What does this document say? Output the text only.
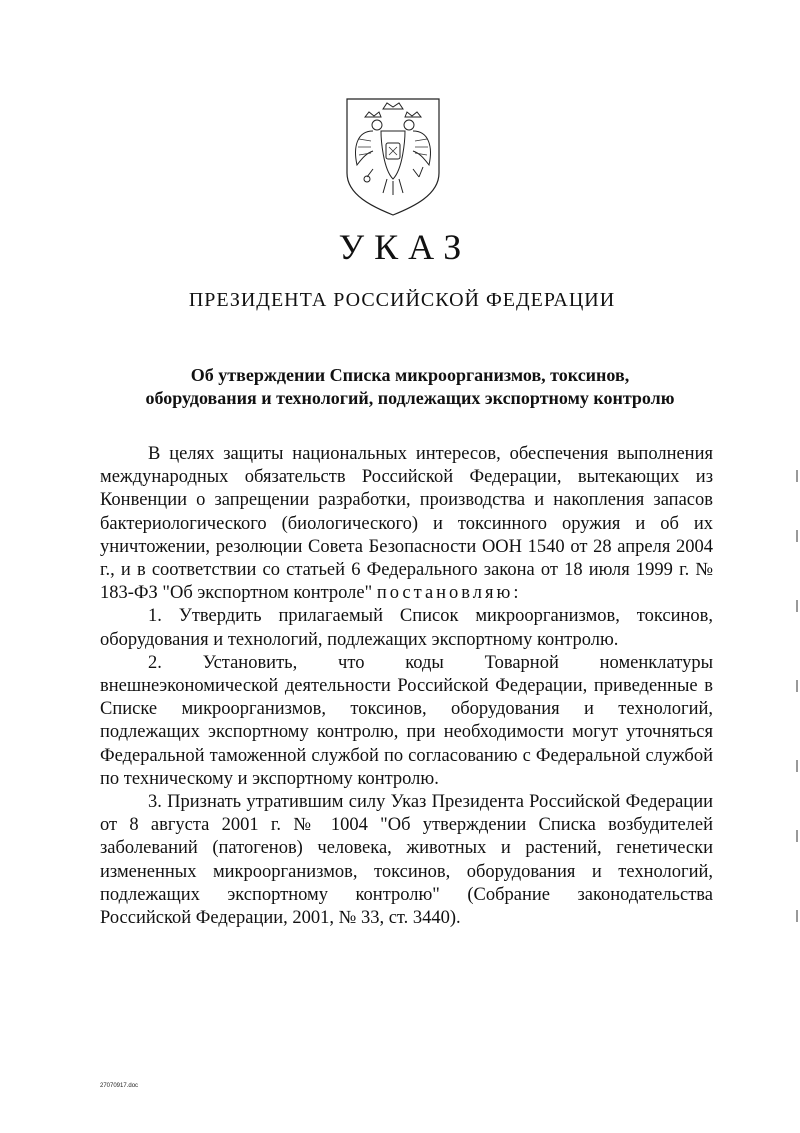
УКАЗ
ПРЕЗИДЕНТА РОССИЙСКОЙ ФЕДЕРАЦИИ
Об утверждении Списка микроорганизмов, токсинов,
оборудования и технологий, подлежащих экспортному контролю

В целях защиты национальных интересов, обеспечения выполнения международных обязательств Российской Федерации, вытекающих из Конвенции о запрещении разработки, производства и накопления запасов бактериологического (биологического) и токсинного оружия и об их уничтожении, резолюции Совета Безопасности ООН 1540 от 28 апреля 2004 г., и в соответствии со статьей 6 Федерального закона от 18 июля 1999 г. № 183-ФЗ "Об экспортном контроле" постановляю:

1. Утвердить прилагаемый Список микроорганизмов, токсинов, оборудования и технологий, подлежащих экспортному контролю.

2. Установить, что коды Товарной номенклатуры внешнеэкономической деятельности Российской Федерации, приведенные в Списке микроорганизмов, токсинов, оборудования и технологий, подлежащих экспортному контролю, при необходимости могут уточняться Федеральной таможенной службой по согласованию с Федеральной службой по техническому и экспортному контролю.

3. Признать утратившим силу Указ Президента Российской Федерации от 8 августа 2001 г. № 1004 "Об утверждении Списка возбудителей заболеваний (патогенов) человека, животных и растений, генетически измененных микроорганизмов, токсинов, оборудования и технологий, подлежащих экспортному контролю" (Собрание законодательства Российской Федерации, 2001, № 33, ст. 3440).

27070917.doc
